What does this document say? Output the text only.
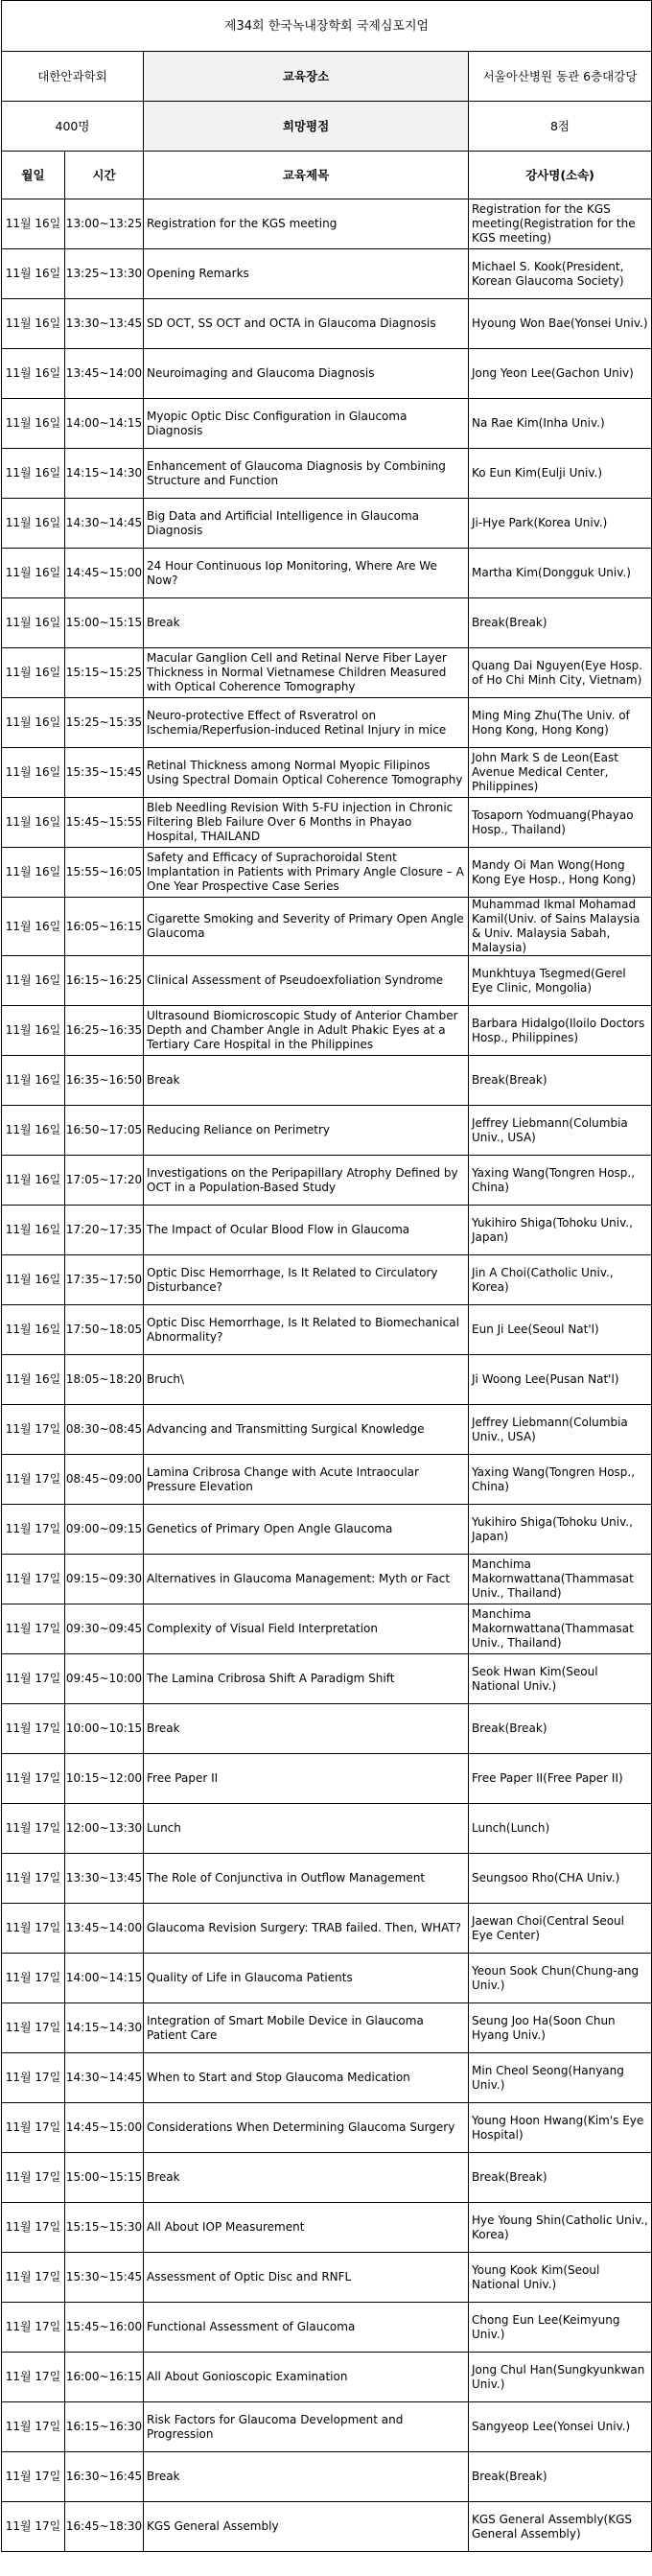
제34회 한국녹내장학회 국제심포지엄			
대한안과학회		교육장소	서울아산병원 동관 6층대강당
400명		희망평점	8점
월일	시간	교육제목	강사명(소속)
11월 16일	13:00~13:25	Registration for the KGS meeting	Registration for the KGS meeting(Registration for the KGS meeting)
11월 16일	13:25~13:30	Opening Remarks	Michael S. Kook(President, Korean Glaucoma Society)
11월 16일	13:30~13:45	SD OCT, SS OCT and OCTA in Glaucoma Diagnosis	Hyoung Won Bae(Yonsei Univ.)
11월 16일	13:45~14:00	Neuroimaging and Glaucoma Diagnosis	Jong Yeon Lee(Gachon Univ)
11월 16일	14:00~14:15	Myopic Optic Disc Configuration in Glaucoma Diagnosis	Na Rae Kim(Inha Univ.)
11월 16일	14:15~14:30	Enhancement of Glaucoma Diagnosis by Combining Structure and Function	Ko Eun Kim(Eulji Univ.)
11월 16일	14:30~14:45	Big Data and Artificial Intelligence in Glaucoma Diagnosis	Ji-Hye Park(Korea Univ.)
11월 16일	14:45~15:00	24 Hour Continuous Iop Monitoring, Where Are We Now?	Martha Kim(Dongguk Univ.)
11월 16일	15:00~15:15	Break	Break(Break)
11월 16일	15:15~15:25	Macular Ganglion Cell and Retinal Nerve Fiber Layer Thickness in Normal Vietnamese Children Measured with Optical Coherence Tomography	Quang Dai Nguyen(Eye Hosp. of Ho Chi Minh City, Vietnam)
11월 16일	15:25~15:35	Neuro-protective Effect of Rsveratrol on Ischemia/Reperfusion-induced Retinal Injury in mice	Ming Ming Zhu(The Univ. of Hong Kong, Hong Kong)
11월 16일	15:35~15:45	Retinal Thickness among Normal Myopic Filipinos Using Spectral Domain Optical Coherence Tomography	John Mark S de Leon(East Avenue Medical Center, Philippines)
11월 16일	15:45~15:55	Bleb Needling Revision With 5-FU injection in Chronic Filtering Bleb Failure Over 6 Months in Phayao Hospital, THAILAND	Tosaporn Yodmuang(Phayao Hosp., Thailand)
11월 16일	15:55~16:05	Safety and Efficacy of Suprachoroidal Stent Implantation in Patients with Primary Angle Closure – A One Year Prospective Case Series	Mandy Oi Man Wong(Hong Kong Eye Hosp., Hong Kong)
11월 16일	16:05~16:15	Cigarette Smoking and Severity of Primary Open Angle Glaucoma	Muhammad Ikmal Mohamad Kamil(Univ. of Sains Malaysia & Univ. Malaysia Sabah, Malaysia)
11월 16일	16:15~16:25	Clinical Assessment of Pseudoexfoliation Syndrome	Munkhtuya Tsegmed(Gerel Eye Clinic, Mongolia)
11월 16일	16:25~16:35	Ultrasound Biomicroscopic Study of Anterior Chamber Depth and Chamber Angle in Adult Phakic Eyes at a Tertiary Care Hospital in the Philippines	Barbara Hidalgo(Iloilo Doctors Hosp., Philippines)
11월 16일	16:35~16:50	Break	Break(Break)
11월 16일	16:50~17:05	Reducing Reliance on Perimetry	Jeffrey Liebmann(Columbia Univ., USA)
11월 16일	17:05~17:20	Investigations on the Peripapillary Atrophy Defined by OCT in a Population-Based Study	Yaxing Wang(Tongren Hosp., China)
11월 16일	17:20~17:35	The Impact of Ocular Blood Flow in Glaucoma	Yukihiro Shiga(Tohoku Univ., Japan)
11월 16일	17:35~17:50	Optic Disc Hemorrhage, Is It Related to Circulatory Disturbance?	Jin A Choi(Catholic Univ., Korea)
11월 16일	17:50~18:05	Optic Disc Hemorrhage, Is It Related to Biomechanical Abnormality?	Eun Ji Lee(Seoul Nat'l)
11월 16일	18:05~18:20	Bruch\	Ji Woong Lee(Pusan Nat'l)
11월 17일	08:30~08:45	Advancing and Transmitting Surgical Knowledge	Jeffrey Liebmann(Columbia Univ., USA)
11월 17일	08:45~09:00	Lamina Cribrosa Change with Acute Intraocular Pressure Elevation	Yaxing Wang(Tongren Hosp., China)
11월 17일	09:00~09:15	Genetics of Primary Open Angle Glaucoma	Yukihiro Shiga(Tohoku Univ., Japan)
11월 17일	09:15~09:30	Alternatives in Glaucoma Management: Myth or Fact	Manchima Makornwattana(Thammasat Univ., Thailand)
11월 17일	09:30~09:45	Complexity of Visual Field Interpretation	Manchima Makornwattana(Thammasat Univ., Thailand)
11월 17일	09:45~10:00	The Lamina Cribrosa Shift A Paradigm Shift	Seok Hwan Kim(Seoul National Univ.)
11월 17일	10:00~10:15	Break	Break(Break)
11월 17일	10:15~12:00	Free Paper II	Free Paper II(Free Paper II)
11월 17일	12:00~13:30	Lunch	Lunch(Lunch)
11월 17일	13:30~13:45	The Role of Conjunctiva in Outflow Management	Seungsoo Rho(CHA Univ.)
11월 17일	13:45~14:00	Glaucoma Revision Surgery: TRAB failed. Then, WHAT?	Jaewan Choi(Central Seoul Eye Center)
11월 17일	14:00~14:15	Quality of Life in Glaucoma Patients	Yeoun Sook Chun(Chung-ang Univ.)
11월 17일	14:15~14:30	Integration of Smart Mobile Device in Glaucoma Patient Care	Seung Joo Ha(Soon Chun Hyang Univ.)
11월 17일	14:30~14:45	When to Start and Stop Glaucoma Medication	Min Cheol Seong(Hanyang Univ.)
11월 17일	14:45~15:00	Considerations When Determining Glaucoma Surgery	Young Hoon Hwang(Kim's Eye Hospital)
11월 17일	15:00~15:15	Break	Break(Break)
11월 17일	15:15~15:30	All About IOP Measurement	Hye Young Shin(Catholic Univ., Korea)
11월 17일	15:30~15:45	Assessment of Optic Disc and RNFL	Young Kook Kim(Seoul National Univ.)
11월 17일	15:45~16:00	Functional Assessment of Glaucoma	Chong Eun Lee(Keimyung Univ.)
11월 17일	16:00~16:15	All About Gonioscopic Examination	Jong Chul Han(Sungkyunkwan Univ.)
11월 17일	16:15~16:30	Risk Factors for Glaucoma Development and Progression	Sangyeop Lee(Yonsei Univ.)
11월 17일	16:30~16:45	Break	Break(Break)
11월 17일	16:45~18:30	KGS General Assembly	KGS General Assembly(KGS General Assembly)
